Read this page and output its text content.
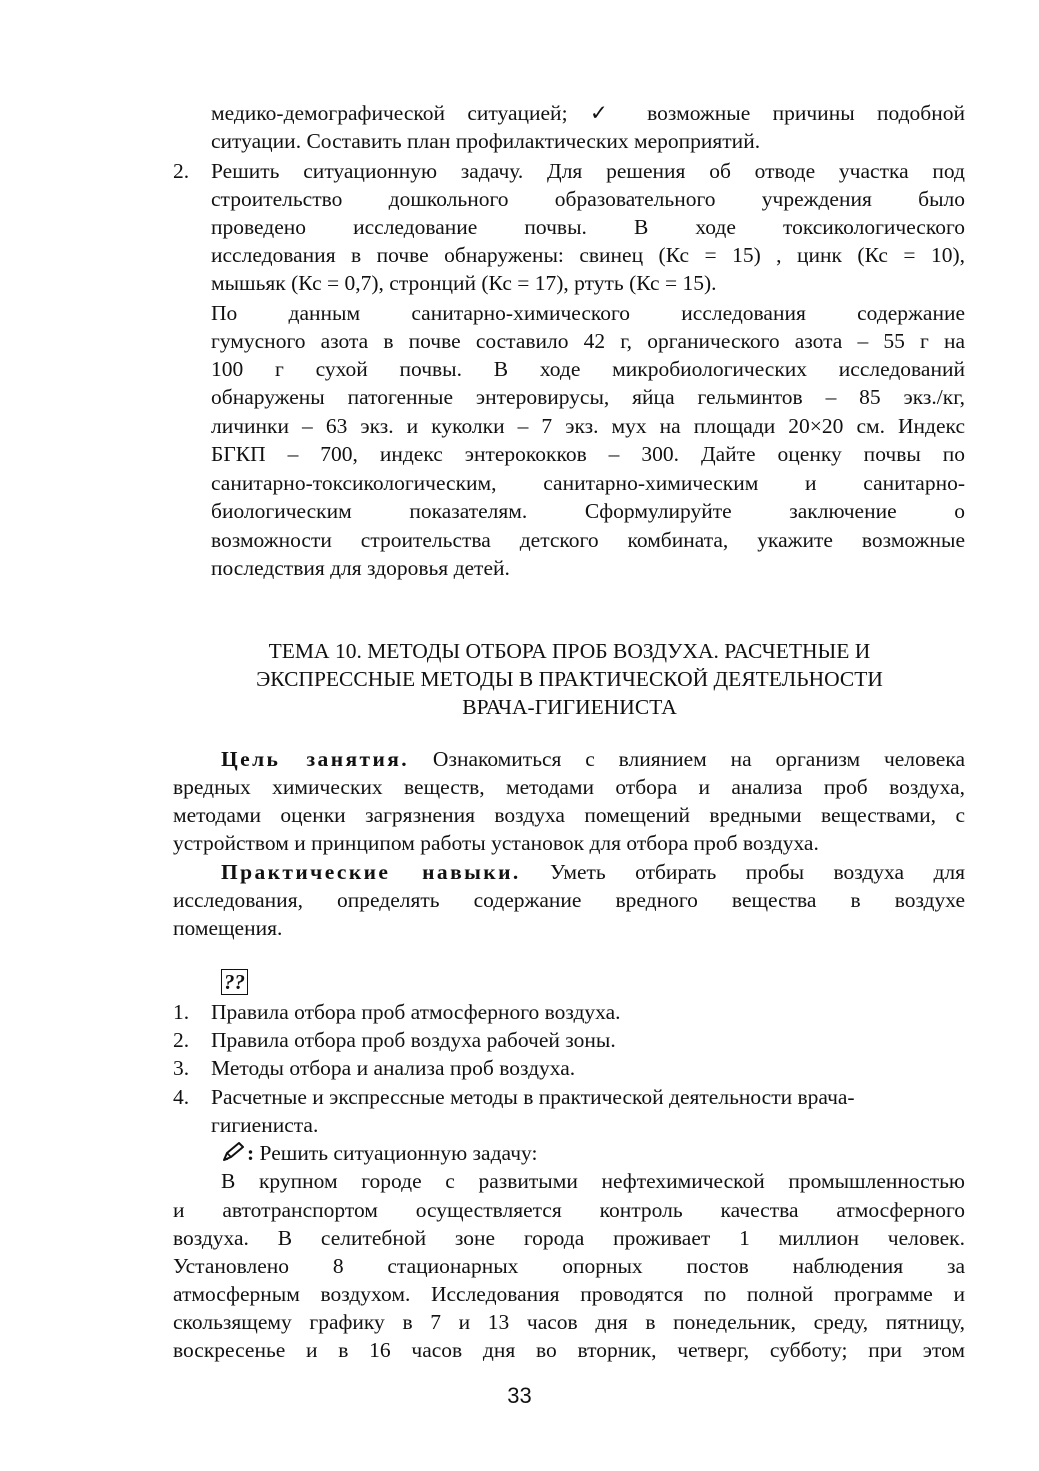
медико-демографической ситуацией; ✓ возможные причины подобной
ситуации. Составить план профилактических мероприятий.
2. Решить ситуационную задачу. Для решения об отводе участка под
строительство дошкольного образовательного учреждения было
проведено исследование почвы. В ходе токсикологического
исследования в почве обнаружены: свинец (Кс = 15) , цинк (Кс = 10),
мышьяк (Кс = 0,7), стронций (Кс = 17), ртуть (Кс = 15).
По данным санитарно-химического исследования содержание
гумусного азота в почве составило 42 г, органического азота – 55 г на
100 г сухой почвы. В ходе микробиологических исследований
обнаружены патогенные энтеровирусы, яйца гельминтов – 85 экз./кг,
личинки – 63 экз. и куколки – 7 экз. мух на площади 20×20 см. Индекс
БГКП – 700, индекс энтерококков – 300. Дайте оценку почвы по
санитарно-токсикологическим, санитарно-химическим и санитарно-
биологическим показателям. Сформулируйте заключение о
возможности строительства детского комбината, укажите возможные
последствия для здоровья детей.
ТЕМА 10. МЕТОДЫ ОТБОРА ПРОБ ВОЗДУХА. РАСЧЕТНЫЕ И
ЭКСПРЕССНЫЕ МЕТОДЫ В ПРАКТИЧЕСКОЙ ДЕЯТЕЛЬНОСТИ
ВРАЧА-ГИГИЕНИСТА
Цель занятия. Ознакомиться с влиянием на организм человека
вредных химических веществ, методами отбора и анализа проб воздуха,
методами оценки загрязнения воздуха помещений вредными веществами, с
устройством и принципом работы установок для отбора проб воздуха.
Практические навыки. Уметь отбирать пробы воздуха для
исследования, определять содержание вредного вещества в воздухе
помещения.
??
1. Правила отбора проб атмосферного воздуха.
2. Правила отбора проб воздуха рабочей зоны.
3. Методы отбора и анализа проб воздуха.
4. Расчетные и экспрессные методы в практической деятельности врача-
гигиениста.
: Решить ситуационную задачу:
В крупном городе с развитыми нефтехимической промышленностью
и автотранспортом осуществляется контроль качества атмосферного
воздуха. В селитебной зоне города проживает 1 миллион человек.
Установлено 8 стационарных опорных постов наблюдения за
атмосферным воздухом. Исследования проводятся по полной программе и
скользящему графику в 7 и 13 часов дня в понедельник, среду, пятницу,
воскресенье и в 16 часов дня во вторник, четверг, субботу; при этом
33
